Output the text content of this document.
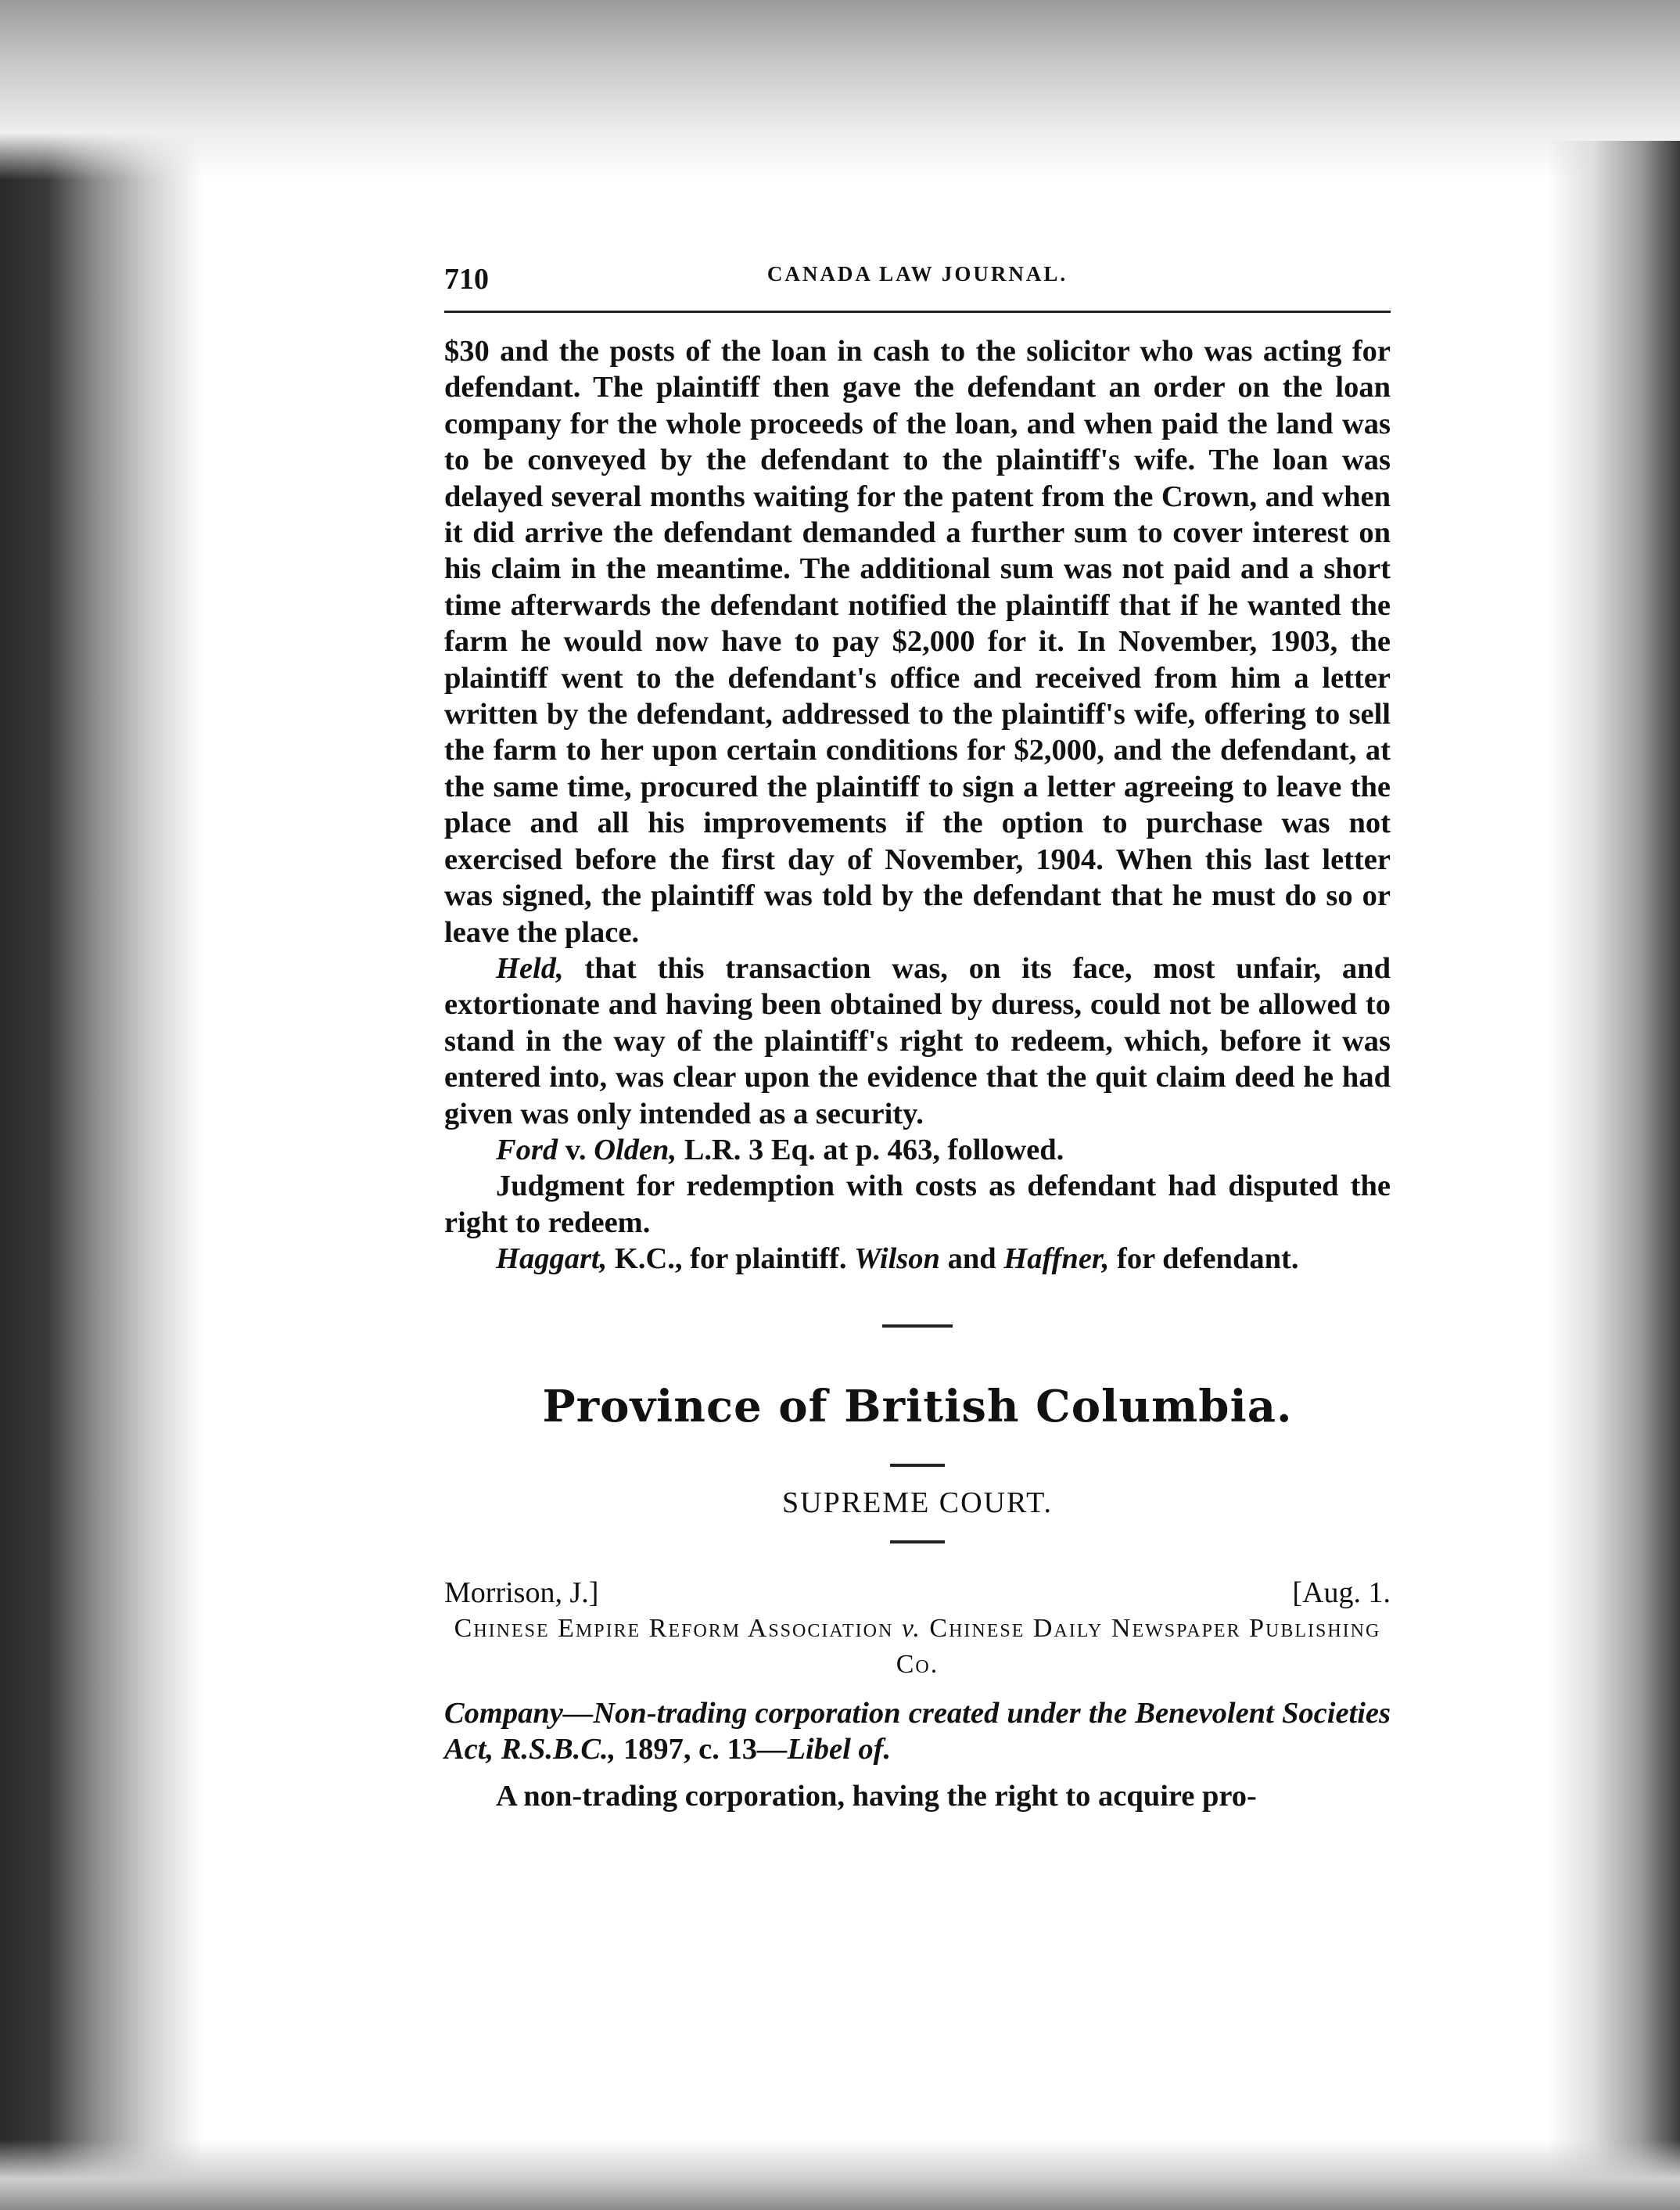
710	CANADA LAW JOURNAL.

$30 and the posts of the loan in cash to the solicitor who was acting for defendant. The plaintiff then gave the defendant an order on the loan company for the whole proceeds of the loan, and when paid the land was to be conveyed by the defendant to the plaintiff's wife. The loan was delayed several months waiting for the patent from the Crown, and when it did arrive the defendant demanded a further sum to cover interest on his claim in the meantime. The additional sum was not paid and a short time afterwards the defendant notified the plaintiff that if he wanted the farm he would now have to pay $2,000 for it. In November, 1903, the plaintiff went to the defendant's office and received from him a letter written by the defendant, addressed to the plaintiff's wife, offering to sell the farm to her upon certain conditions for $2,000, and the defendant, at the same time, procured the plaintiff to sign a letter agreeing to leave the place and all his improvements if the option to purchase was not exercised before the first day of November, 1904. When this last letter was signed, the plaintiff was told by the defendant that he must do so or leave the place.

Held, that this transaction was, on its face, most unfair, and extortionate and having been obtained by duress, could not be allowed to stand in the way of the plaintiff's right to redeem, which, before it was entered into, was clear upon the evidence that the quit claim deed he had given was only intended as a security.

Ford v. Olden, L.R. 3 Eq. at p. 463, followed.

Judgment for redemption with costs as defendant had disputed the right to redeem.

Haggart, K.C., for plaintiff. Wilson and Haffner, for defendant.

Province of British Columbia.
SUPREME COURT.
Morrison, J.]	[Aug. 1.
Chinese Empire Reform Association v. Chinese Daily Newspaper Publishing Co.
Company—Non-trading corporation created under the Benevolent Societies Act, R.S.B.C., 1897, c. 13—Libel of.

A non-trading corporation, having the right to acquire pro-
